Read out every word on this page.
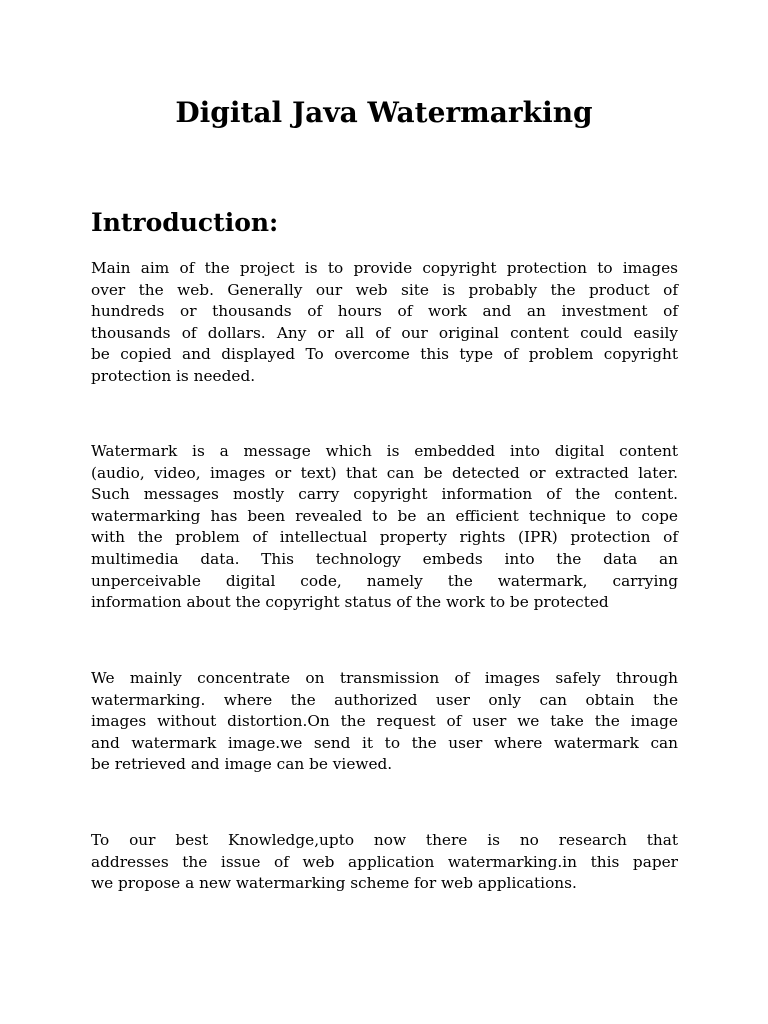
Digital Java Watermarking
Introduction:

Main aim of the project is to provide copyright protection to images
over the web. Generally our web site is probably the product of
hundreds or thousands of hours of work and an investment of
thousands of dollars. Any or all of our original content could easily
be copied and displayed To overcome this type of problem copyright
protection is needed.

Watermark is a message which is embedded into digital content
(audio, video, images or text) that can be detected or extracted later.
Such messages mostly carry copyright information of the content.
watermarking has been revealed to be an efficient technique to cope
with the problem of intellectual property rights (IPR) protection of
multimedia data. This technology embeds into the data an
unperceivable digital code, namely the watermark, carrying
information about the copyright status of the work to be protected

We mainly concentrate on transmission of images safely through
watermarking. where the authorized user only can obtain the
images without distortion.On the request of user we take the image
and watermark image.we send it to the user where watermark can
be retrieved and image can be viewed.

To our best Knowledge,upto now there is no research that
addresses the issue of web application watermarking.in this paper
we propose a new watermarking scheme for web applications.
